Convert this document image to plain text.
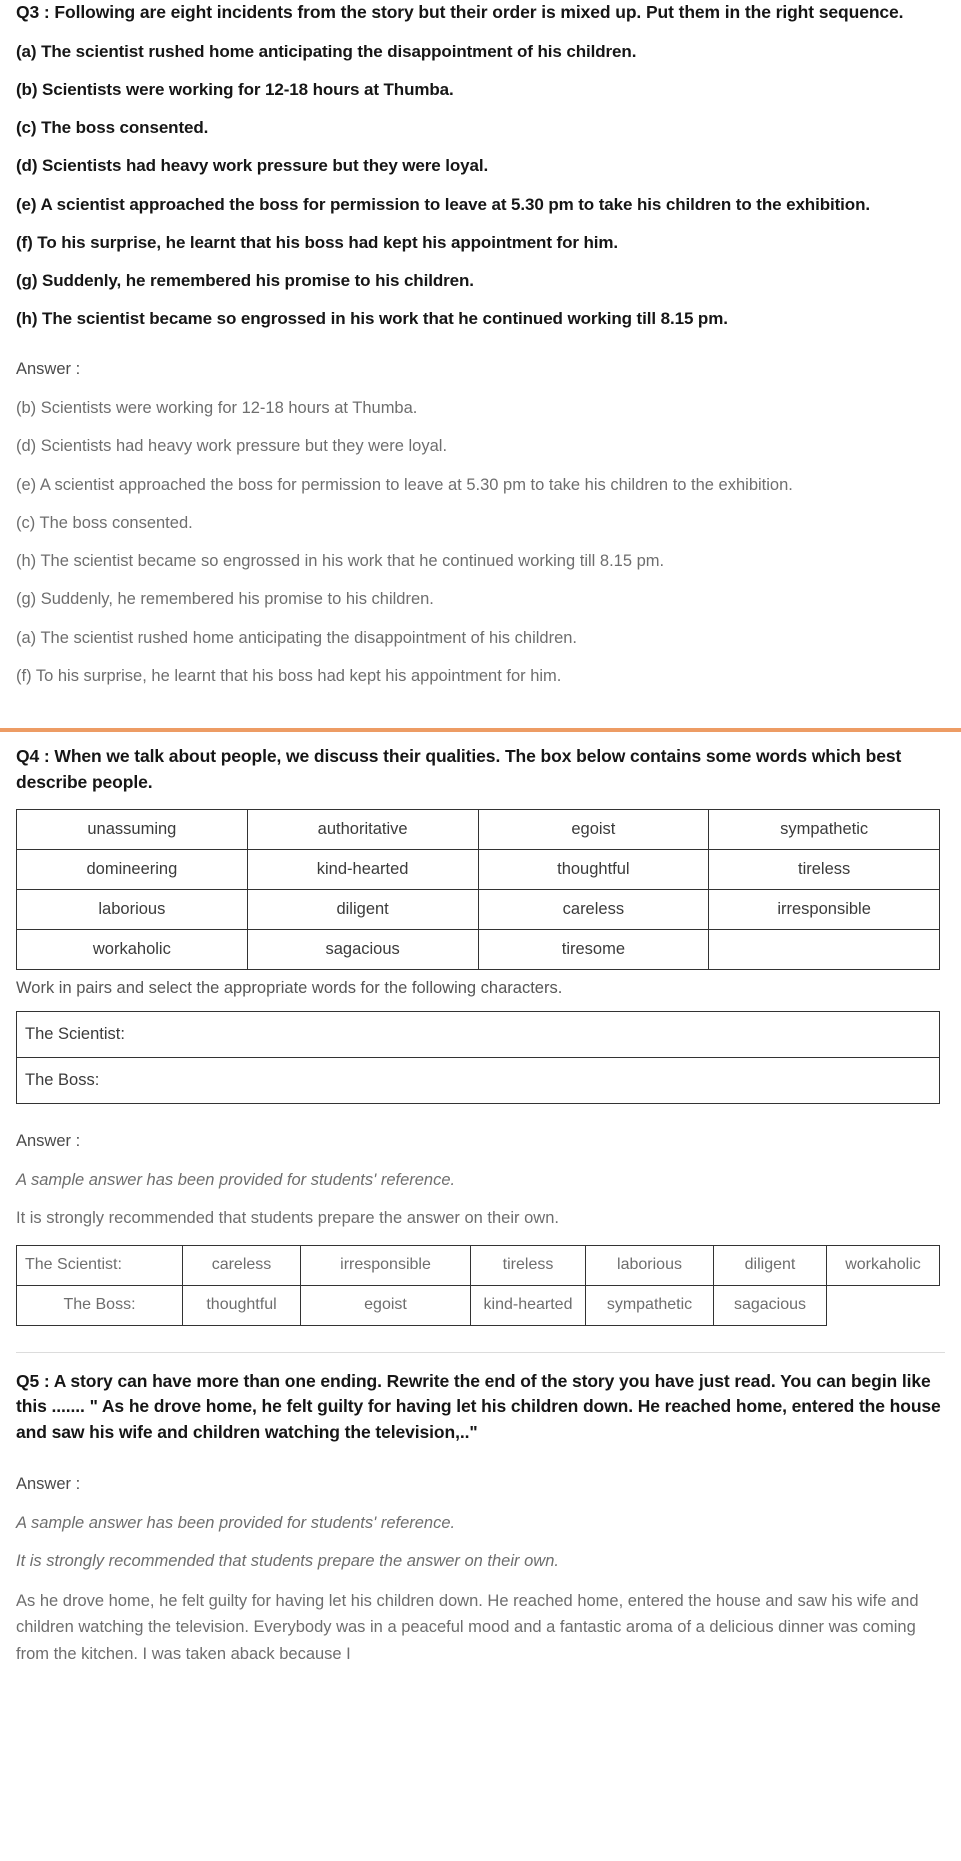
Q3 : Following are eight incidents from the story but their order is mixed up. Put them in the right sequence.

(a) The scientist rushed home anticipating the disappointment of his children.

(b) Scientists were working for 12-18 hours at Thumba.

(c) The boss consented.

(d) Scientists had heavy work pressure but they were loyal.

(e) A scientist approached the boss for permission to leave at 5.30 pm to take his children to the exhibition.

(f) To his surprise, he learnt that his boss had kept his appointment for him.

(g) Suddenly, he remembered his promise to his children.

(h) The scientist became so engrossed in his work that he continued working till 8.15 pm.

Answer :

(b) Scientists were working for 12-18 hours at Thumba.

(d) Scientists had heavy work pressure but they were loyal.

(e) A scientist approached the boss for permission to leave at 5.30 pm to take his children to the exhibition.

(c) The boss consented.

(h) The scientist became so engrossed in his work that he continued working till 8.15 pm.

(g) Suddenly, he remembered his promise to his children.

(a) The scientist rushed home anticipating the disappointment of his children.

(f) To his surprise, he learnt that his boss had kept his appointment for him.

Q4 : When we talk about people, we discuss their qualities. The box below contains some words which best describe people.

unassuming	authoritative	egoist	sympathetic
domineering	kind-hearted	thoughtful	tireless
laborious	diligent	careless	irresponsible
workaholic	sagacious	tiresome	

Work in pairs and select the appropriate words for the following characters.

The Scientist:
The Boss:

Answer :

A sample answer has been provided for students' reference.

It is strongly recommended that students prepare the answer on their own.

The Scientist:	careless	irresponsible	tireless	laborious	diligent	workaholic
The Boss:	thoughtful	egoist	kind-hearted	sympathetic	sagacious	

Q5 : A story can have more than one ending. Rewrite the end of the story you have just read. You can begin like this ....... " As he drove home, he felt guilty for having let his children down. He reached home, entered the house and saw his wife and children watching the television,.."

Answer :

A sample answer has been provided for students' reference.

It is strongly recommended that students prepare the answer on their own.

As he drove home, he felt guilty for having let his children down. He reached home, entered the house and saw his wife and children watching the television. Everybody was in a peaceful mood and a fantastic aroma of a delicious dinner was coming from the kitchen. I was taken aback because I
